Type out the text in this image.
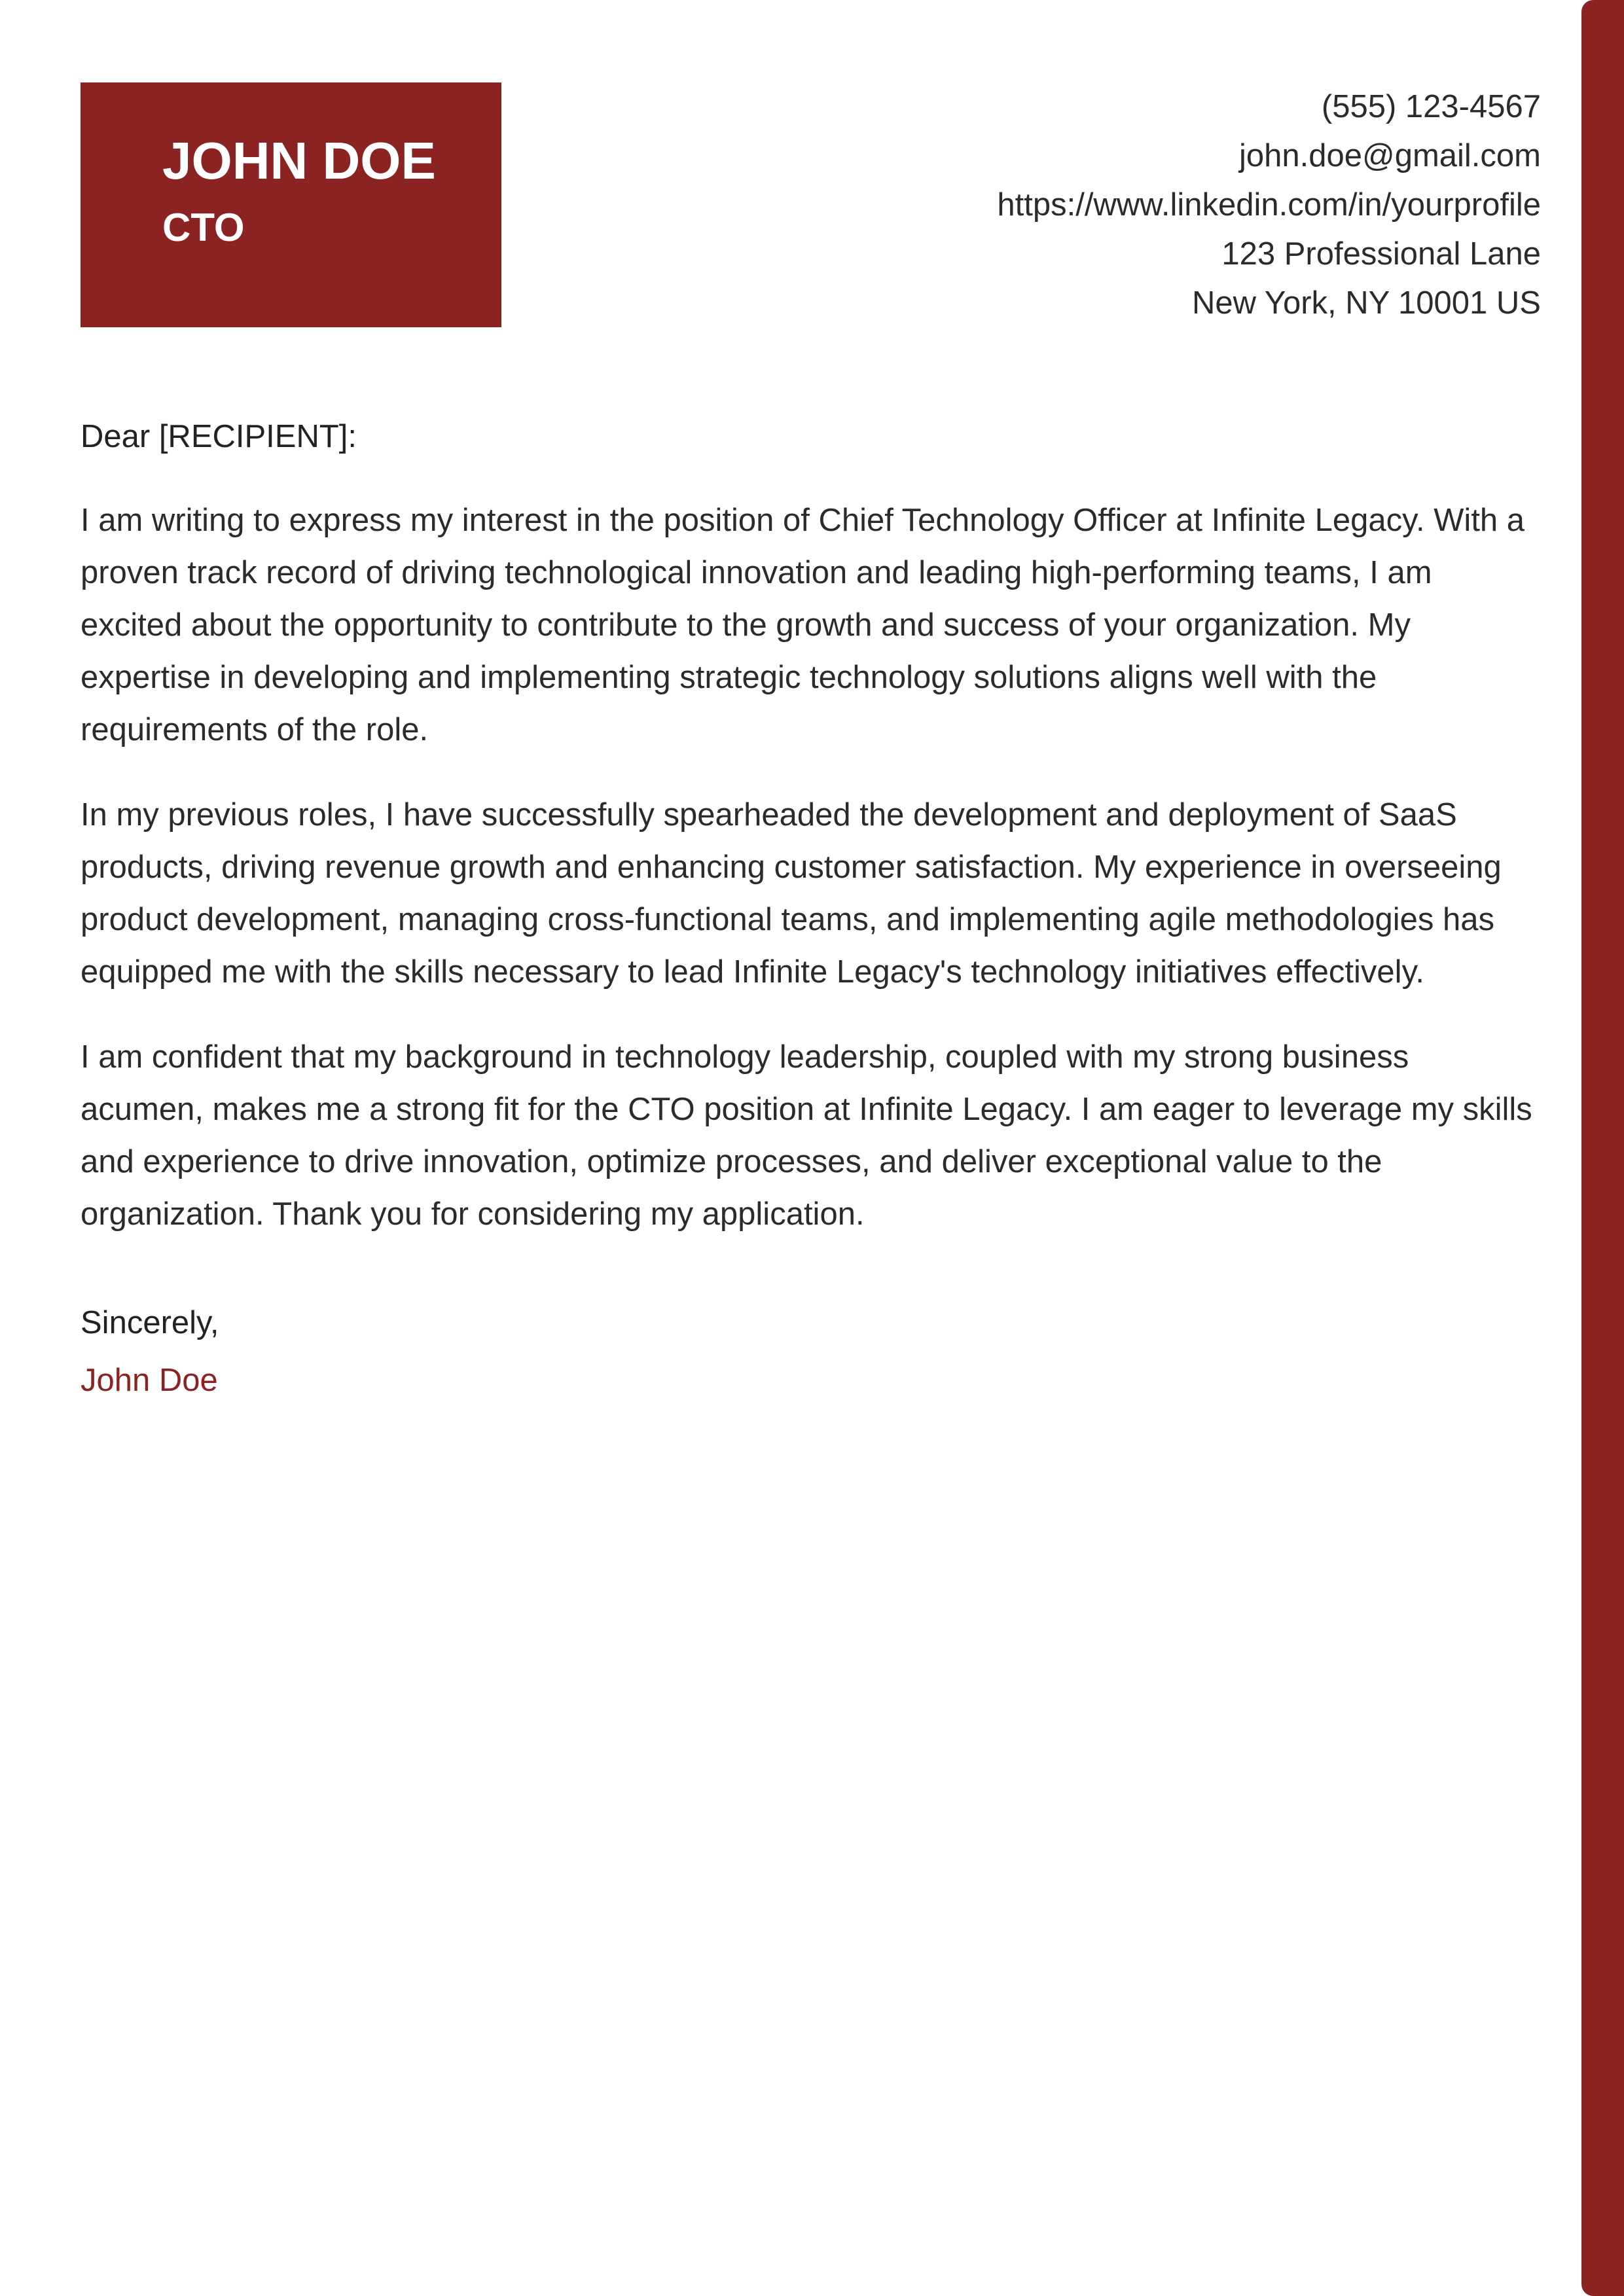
JOHN DOE
CTO
(555) 123-4567
john.doe@gmail.com
https://www.linkedin.com/in/yourprofile
123 Professional Lane
New York, NY 10001 US

Dear [RECIPIENT]:

I am writing to express my interest in the position of Chief Technology Officer at Infinite Legacy. With a proven track record of driving technological innovation and leading high-performing teams, I am excited about the opportunity to contribute to the growth and success of your organization. My expertise in developing and implementing strategic technology solutions aligns well with the requirements of the role.

In my previous roles, I have successfully spearheaded the development and deployment of SaaS products, driving revenue growth and enhancing customer satisfaction. My experience in overseeing product development, managing cross-functional teams, and implementing agile methodologies has equipped me with the skills necessary to lead Infinite Legacy's technology initiatives effectively.

I am confident that my background in technology leadership, coupled with my strong business acumen, makes me a strong fit for the CTO position at Infinite Legacy. I am eager to leverage my skills and experience to drive innovation, optimize processes, and deliver exceptional value to the organization. Thank you for considering my application.

Sincerely,

John Doe
